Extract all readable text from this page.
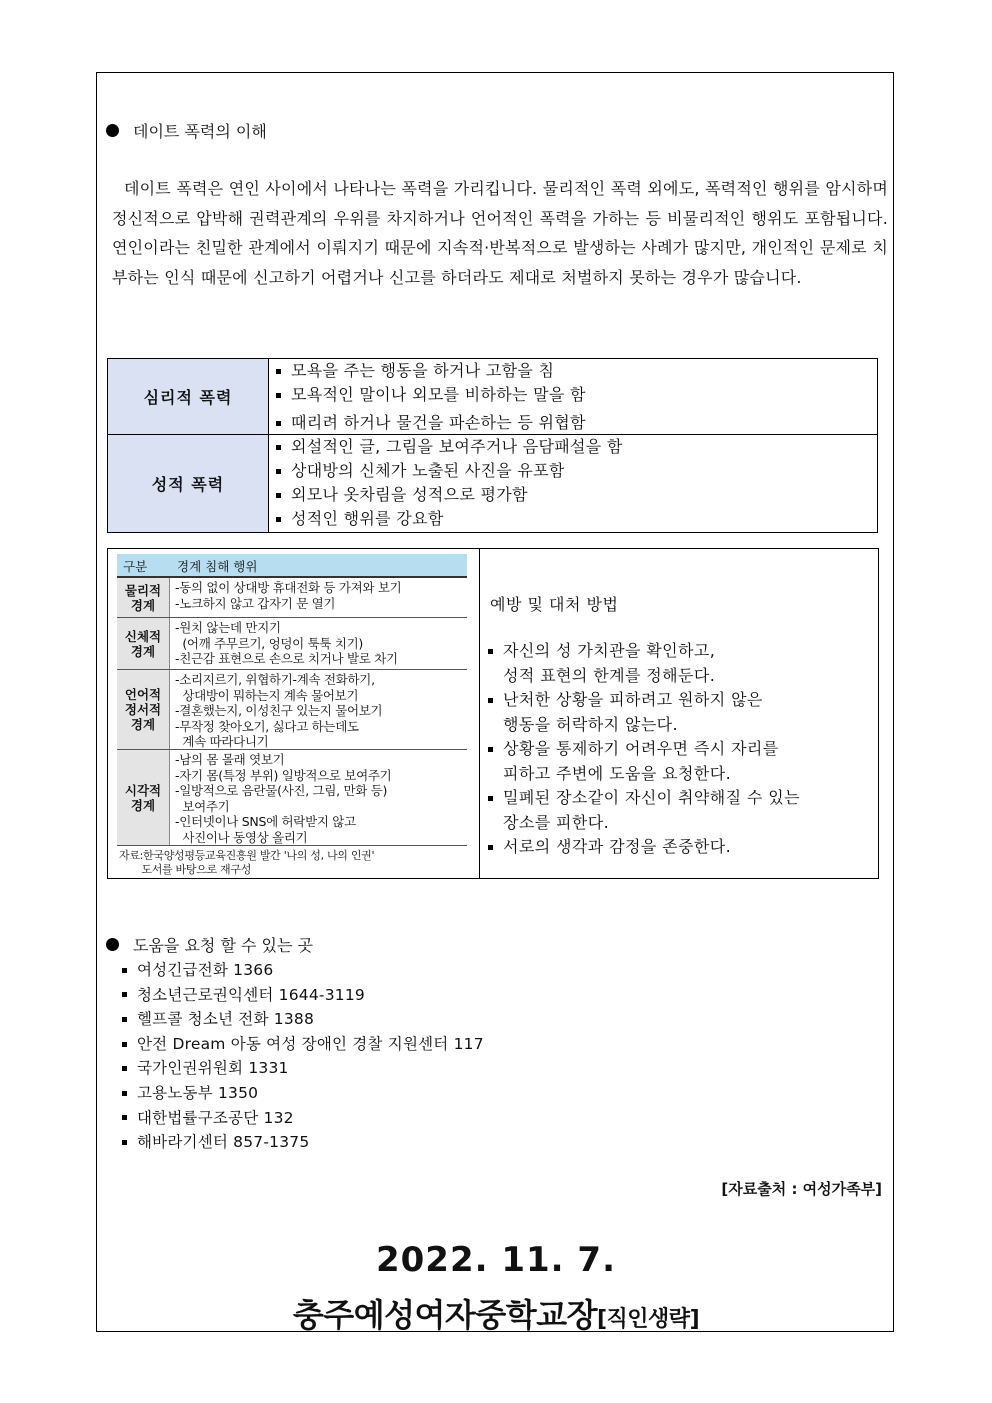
데이트 폭력의 이해

데이트 폭력은 연인 사이에서 나타나는 폭력을 가리킵니다. 물리적인 폭력 외에도, 폭력적인 행위를 암시하며 정신적으로 압박해 권력관계의 우위를 차지하거나 언어적인 폭력을 가하는 등 비물리적인 행위도 포함됩니다. 연인이라는 친밀한 관계에서 이뤄지기 때문에 지속적·반복적으로 발생하는 사례가 많지만, 개인적인 문제로 치부하는 인식 때문에 신고하기 어렵거나 신고를 하더라도 제대로 처벌하지 못하는 경우가 많습니다.

심리적 폭력
모욕을 주는 행동을 하거나 고함을 침
모욕적인 말이나 외모를 비하하는 말을 함
때리려 하거나 물건을 파손하는 등 위협함
성적 폭력
외설적인 글, 그림을 보여주거나 음담패설을 함
상대방의 신체가 노출된 사진을 유포함
외모나 옷차림을 성적으로 평가함
성적인 행위를 강요함
구분 경계 침해 행위
물리적
경계
-동의 없이 상대방 휴대전화 등 가져와 보기
-노크하지 않고 갑자기 문 열기
신체적
경계
-원치 않는데 만지기
(어깨 주무르기, 엉덩이 툭툭 치기)
-친근감 표현으로 손으로 치거나 발로 차기
언어적
정서적
경계
-소리지르기, 위협하기-계속 전화하기,
상대방이 뭐하는지 계속 물어보기
-결혼했는지, 이성친구 있는지 물어보기
-무작정 찾아오기, 싫다고 하는데도
계속 따라다니기
시각적
경계
-남의 몸 몰래 엿보기
-자기 몸(특정 부위) 일방적으로 보여주기
-일방적으로 음란물(사진, 그림, 만화 등)
보여주기
-인터넷이나 SNS에 허락받지 않고
사진이나 동영상 올리기
자료:한국양성평등교육진흥원 발간 '나의 성, 나의 인권'
도서를 바탕으로 재구성
예방 및 대처 방법
자신의 성 가치관을 확인하고,
성적 표현의 한계를 정해둔다.
난처한 상황을 피하려고 원하지 않은
행동을 허락하지 않는다.
상황을 통제하기 어려우면 즉시 자리를
피하고 주변에 도움을 요청한다.
밀폐된 장소같이 자신이 취약해질 수 있는
장소를 피한다.
서로의 생각과 감정을 존중한다.
도움을 요청 할 수 있는 곳
여성긴급전화 1366
청소년근로권익센터 1644-3119
헬프콜 청소년 전화 1388
안전 Dream 아동 여성 장애인 경찰 지원센터 117
국가인권위원회 1331
고용노동부 1350
대한법률구조공단 132
해바라기센터 857-1375
[자료출처 : 여성가족부]
2022. 11. 7.
충주예성여자중학교장[직인생략]
